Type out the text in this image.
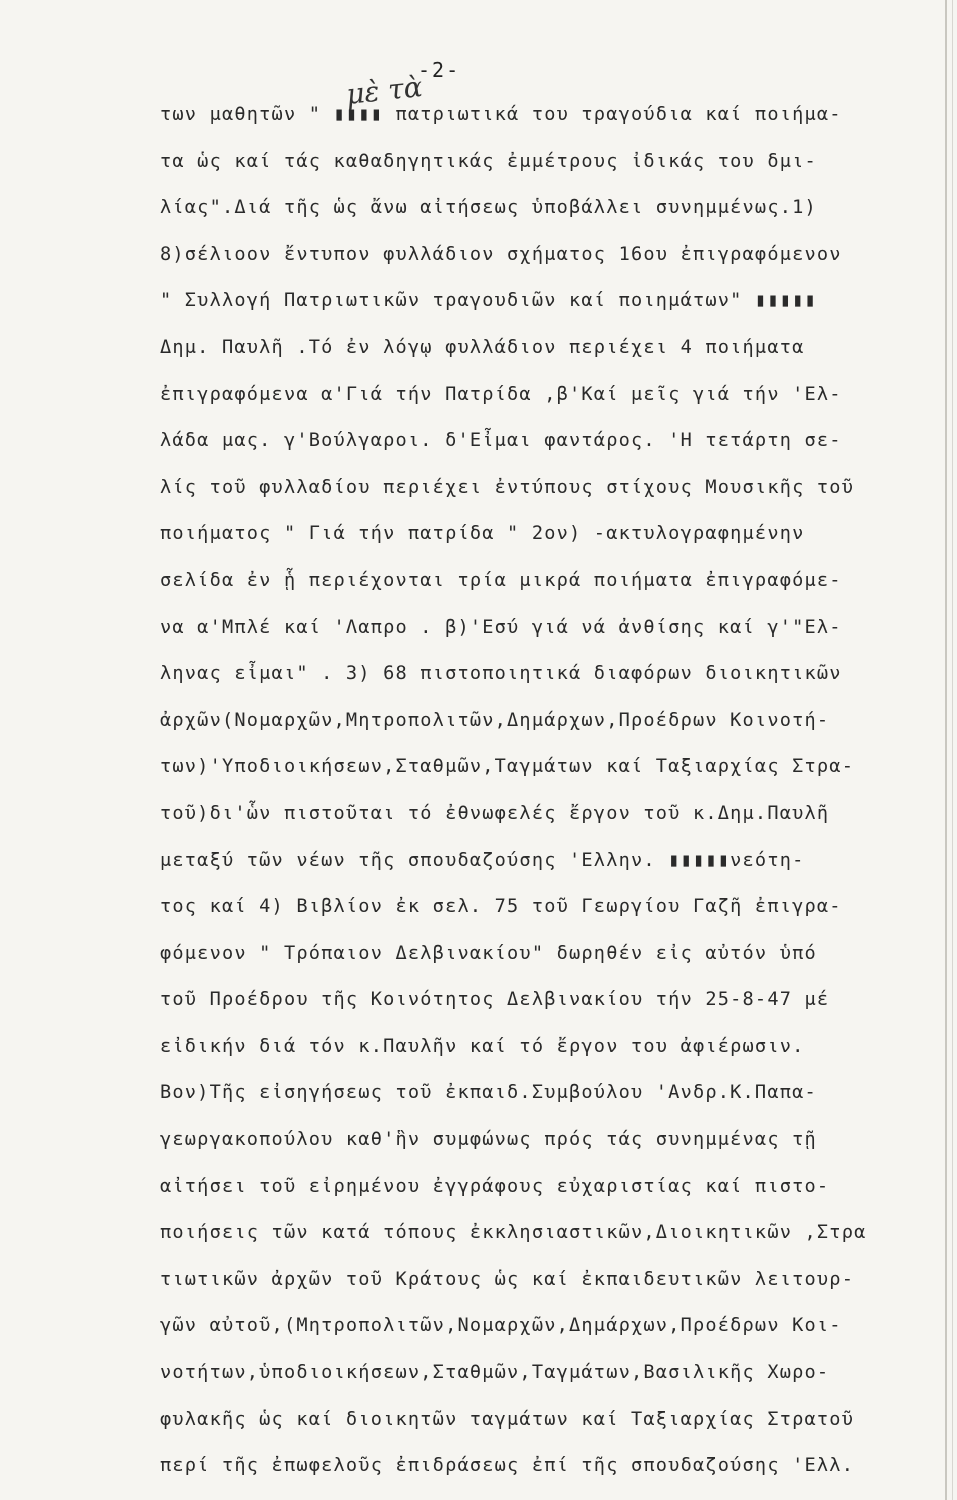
-2-
μὲ τὰ
των μαθητῶν " ▮▮▮▮ πατριωτικά του τραγούδια καί ποιήμα-
τα ὡς καί τάς καθαδηγητικάς ἐμμέτρους ἰδικάς του δμι-
λίας".Διά τῆς ὡς ἄνω αἰτήσεως ὑποβάλλει συνημμένως.1)
8)σέλιοον ἔντυπον φυλλάδιον σχήματος 16ου ἐπιγραφόμενον
" Συλλογή Πατριωτικῶν τραγουδιῶν καί ποιημάτων" ▮▮▮▮▮
Δημ. Παυλῆ .Τό ἐν λόγῳ φυλλάδιον περιέχει 4 ποιήματα
ἐπιγραφόμενα α'Γιά τήν Πατρίδα ,β'Καί μεῖς γιά τήν 'Ελ-
λάδα μας. γ'Βούλγαροι. δ'Εἶμαι φαντάρος. 'Η τετάρτη σε-
λίς τοῦ φυλλαδίου περιέχει ἐντύπους στίχους Μουσικῆς τοῦ
ποιήματος " Γιά τήν πατρίδα " 2ον) -ακτυλογραφημένην
σελίδα ἐν ᾗ περιέχονται τρία μικρά ποιήματα ἐπιγραφόμε-
να α'Μπλέ καί 'Λαπρο . β)'Εσύ γιά νά ἀνθίσης καί γ'"Ελ-
ληνας εἶμαι" . 3) 68 πιστοποιητικά διαφόρων διοικητικῶν
ἀρχῶν(Νομαρχῶν,Μητροπολιτῶν,Δημάρχων,Προέδρων Κοινοτή-
των)'Υποδιοικήσεων,Σταθμῶν,Ταγμάτων καί Ταξιαρχίας Στρα-
τοῦ)δι'ὧν πιστοῦται τό ἐθνωφελές ἔργον τοῦ κ.Δημ.Παυλῆ
μεταξύ τῶν νέων τῆς σπουδαζούσης 'Ελλην. ▮▮▮▮▮νεότη-
τος καί 4) Βιβλίον ἐκ σελ. 75 τοῦ Γεωργίου Γαζῆ ἐπιγρα-
φόμενον " Τρόπαιον Δελβινακίου" δωρηθέν εἰς αὐτόν ὑπό
τοῦ Προέδρου τῆς Κοινότητος Δελβινακίου τήν 25-8-47 μέ
εἰδικήν διά τόν κ.Παυλῆν καί τό ἔργον του ἀφιέρωσιν.
Βον)Τῆς εἰσηγήσεως τοῦ ἐκπαιδ.Συμβούλου 'Ανδρ.Κ.Παπα-
γεωργακοπούλου καθ'ἣν συμφώνως πρός τάς συνημμένας τῇ
αἰτήσει τοῦ εἰρημένου ἐγγράφους εὐχαριστίας καί πιστο-
ποιήσεις τῶν κατά τόπους ἐκκλησιαστικῶν,Διοικητικῶν ,Στρα
τιωτικῶν ἀρχῶν τοῦ Κράτους ὡς καί ἐκπαιδευτικῶν λειτουρ-
γῶν αὐτοῦ,(Μητροπολιτῶν,Νομαρχῶν,Δημάρχων,Προέδρων Κοι-
νοτήτων,ὑποδιοικήσεων,Σταθμῶν,Ταγμάτων,Βασιλικῆς Χωρο-
φυλακῆς ὡς καί διοικητῶν ταγμάτων καί Ταξιαρχίας Στρατοῦ
περί τῆς ἐπωφελοῦς ἐπιδράσεως ἐπί τῆς σπουδαζούσης 'Ελλ.
